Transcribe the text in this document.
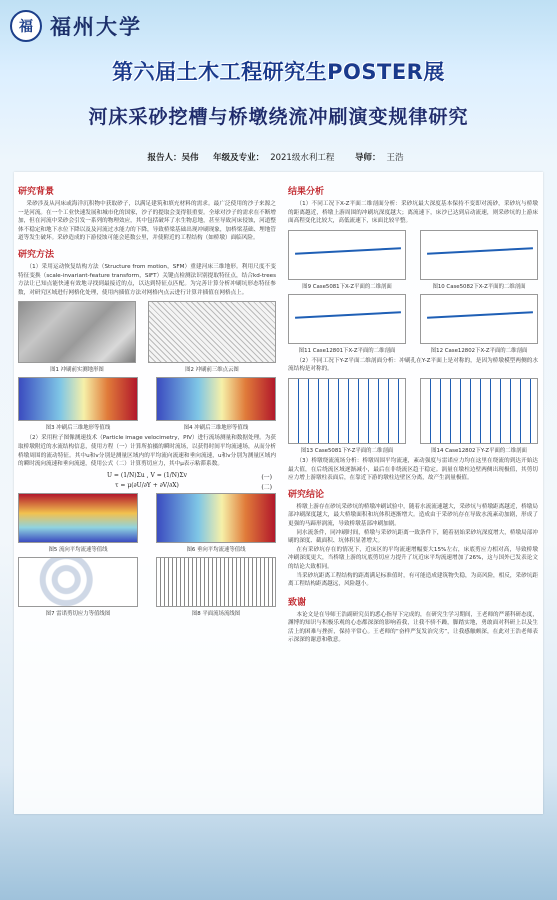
福 福州大学
第六届土木工程研究生POSTER展
河床采砂挖槽与桥墩绕流冲刷演变规律研究
报告人：吴伟 年级及专业： 2021级水利工程 导师： 王浩
研究背景
采砂涉及从河床或海洋沉积物中获取砂子，以满足建筑和填充材料的需求。最广泛使用的沙子来源之一是河流。在一个工业快速发展和城市化的国家，沙子的提取会变得很重要。全球对沙子的需求在不断增加，但在河流中采砂会引发一系列的物理效应，其中包括破坏了水生物息地，甚至导致河床侵蚀，河道整体不稳定和地下水位下降以及及河流过水能力的下降，导致桥梁基础出现冲刷现象，加桥梁基础、埋地管道等发生破坏。采砂造成的下游侵蚀可能会延数公里，并使附近的工程结构（如桥墩）面临风险。
研究方法
（1）采用运动恢复结构方法（Structure from motion，SFM）重建河床三维地形。利用尺度不变特征变换（scale-invariant-feature transform，SIFT）关键点检测法识别提取特征点，结合kd-trees方法让已知点能快速有效地寻找到最接近的点，以达到特征点匹配。为完善计算分析冲刷坑形态特征参数，对研究区域进行网格化处理，使用内插值方法对网格内点云进行计算并插值在网格点上。
图1 冲刷前实测地形图	图2 冲刷前三维点云图
图3 冲刷后三维地形等值线	图4 冲刷后三维地形等值线
（2）采用粒子图像测速技术（Particle image velocimetry，PIV）进行流场测量和数据处理。为获取桥墩附近的水流结构信息，使用方程（一）计算所拍摄的瞬时流场，以获得时间平均流速场，从而分析桥墩周围的流动特征。其中u和v分别是测量区域内的平均流向流速和垂向流速，u和v分别为测量区域内的瞬时流向流速和垂向流速，使用公式（二）计算剪切应力，其中μ表示粘滞系数。
U = (1/N)Σu , V = (1/N)Σv	(一)
τ = μ(∂U/∂Y + ∂V/∂X)	(二)
图5 流向平均流速等值线	图6 垂向平均流速等值线
图7 雷诺剪切应力等值线图	图8 平面流场流线图
结果分析
（1）不同工况下X-Z平面二维剖面分析：采砂坑最大深度基本保持不变即对流砂，采砂坑与桥墩的距离越近，桥墩上游周围的冲刷坑深度越大；离流速下，床沙已达到启动流速，则采砂坑的上游床面高程变化比较大，高低流速下，床面比较平整。
图9 Case5081下X-Z平面的二维剖面	图10 Case5082下X-Z平面的二维剖面
图11 Case12801下X-Z平面的二维剖面	图12 Case12802下X-Z平面的二维剖面
（2）不同工况下Y-Z平面二维剖面分析：冲刷孔在Y-Z平面上是对称的，是因为桥墩模型两侧的水流结构是对称的。
图13 Case5081下Y-Z平面的二维剖面	图14 Case12802下Y-Z平面的二维剖面
（3）桥墩绕流流场分析：桥墩周围平均流速，紊动强度与雷诺应力均在这里在绕流的到达开始达最大值，在后绕流区域逐渐减小，最后在非绕流区趋于稳定。涡量在墩柱边壁两侧出现极值，其剪切应力增上游墩柱表面后，在靠近下游的墩柱边壁区分离，故产生涡量极值。
研究结论
桥墩上游存在砂坑采砂坑的桥墩冲刷试验中，随着水流流速越大，采砂坑与桥墩距离越近，桥墩局部冲刷深度越大，最大桥墩面积和坑体积逐渐增大。造成由于采砂坑存在导致水流紊动加剧，形成了更强的马蹄形涡流，导致桥墩基部冲刷加剧。
同水流条件，同冲刷时间，桥墩与采砂坑距离一致条件下，随着初始采砂坑深度增大，桥墩局部冲刷的深度、截面积、坑体积显著增大。
在有采砂坑存在的情况下，近床区的平均流速增幅要大15%左右，床底剪应力相对高，导致桥墩冲刷深度更大，当桥墩上游的坑底剪切应力提升了坑近床平均流速增加了26%，这与国外已发表论文的结论大致相同。
当采砂坑距离工程结构的距离满足标准值时，有可能造成建筑物失稳，为高风险，相反，采砂坑距离工程结构距离越远，风险越小。
致谢
本论文是在导师王浩副研究员的悉心指导下完成的，在研究生学习期间，王老师的严谨科研态度，渊博的知识与积极乐观的心态都深深的影响着我，让我不骄不躁，脚踏实地，勇敢面对科研上以及生活上的困难与挫折，保持平常心。王老师的“奋样严复发治究劣”，让我感触颇深，在此对王浩老师表示深深的谢意和敬意。
